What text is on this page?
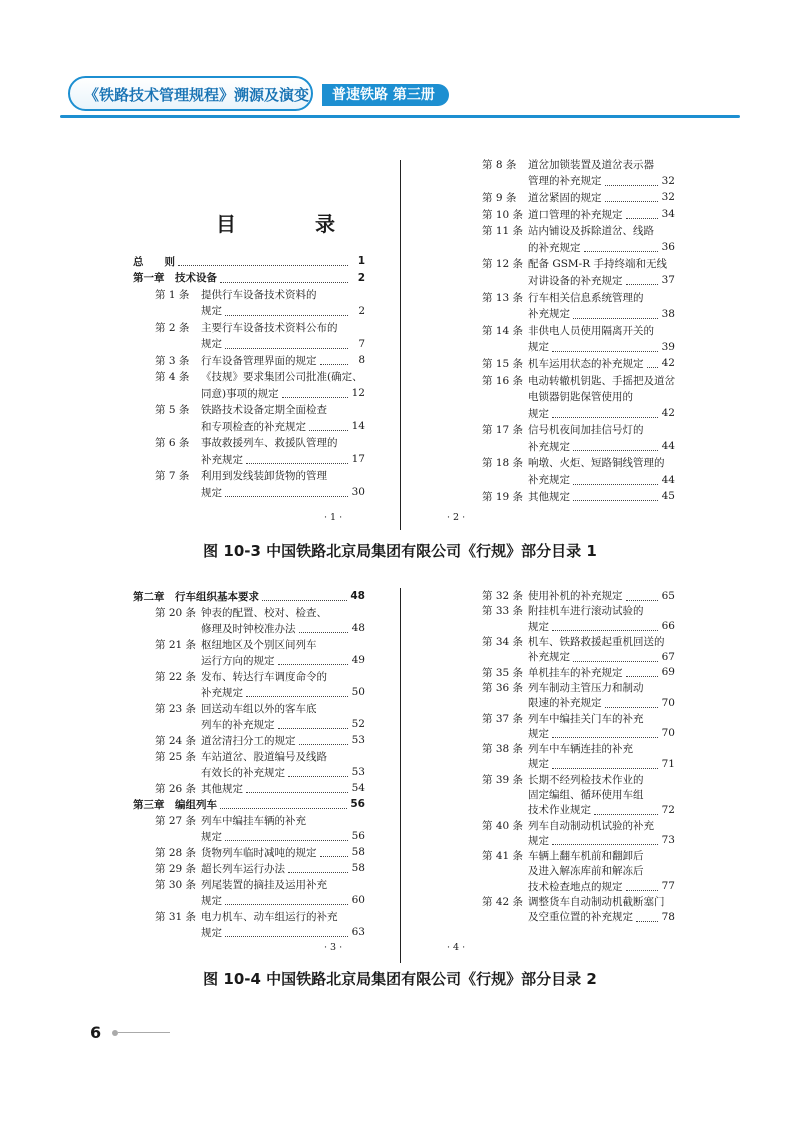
《铁路技术管理规程》溯源及演变	普速铁路 第三册
目 录
总　　则	1
第一章　技术设备	2
第 1 条	提供行车设备技术资料的
规定	2
第 2 条	主要行车设备技术资料公布的
规定	7
第 3 条	行车设备管理界面的规定	8
第 4 条	《技规》要求集团公司批准(确定、
同意)事项的规定	12
第 5 条	铁路技术设备定期全面检查
和专项检查的补充规定	14
第 6 条	事故救援列车、救援队管理的
补充规定	17
第 7 条	利用到发线装卸货物的管理
规定	30
第 8 条	道岔加锁装置及道岔表示器
管理的补充规定	32
第 9 条	道岔紧固的规定	32
第 10 条 道口管理的补充规定	34
第 11 条 站内铺设及拆除道岔、线路
的补充规定	36
第 12 条 配备 GSM-R 手持终端和无线
对讲设备的补充规定	37
第 13 条 行车相关信息系统管理的
补充规定	38
第 14 条 非供电人员使用隔离开关的
规定	39
第 15 条 机车运用状态的补充规定 42
第 16 条 电动转辙机钥匙、手摇把及道岔
电锁器钥匙保管使用的
规定	42
第 17 条 信号机夜间加挂信号灯的
补充规定	44
第 18 条 响墩、火炬、短路铜线管理的
补充规定	44
第 19 条 其他规定	45
· 1 ·	· 2 ·
图 10-3 中国铁路北京局集团有限公司《行规》部分目录 1
第二章　行车组织基本要求	48
第 20 条 钟表的配置、校对、检查、
修理及时钟校准办法	48
第 21 条 枢纽地区及个别区间列车
运行方向的规定	49
第 22 条 发布、转达行车调度命令的
补充规定	50
第 23 条 回送动车组以外的客车底
列车的补充规定	52
第 24 条 道岔清扫分工的规定	53
第 25 条 车站道岔、股道编号及线路
有效长的补充规定	53
第 26 条 其他规定	54
第三章　编组列车	56
第 27 条 列车中编挂车辆的补充
规定	56
第 28 条 货物列车临时减吨的规定	58
第 29 条 超长列车运行办法	58
第 30 条 列尾装置的摘挂及运用补充
规定	60
第 31 条 电力机车、动车组运行的补充
规定	63
第 32 条 使用补机的补充规定	65
第 33 条 附挂机车进行滚动试验的
规定	66
第 34 条 机车、铁路救援起重机回送的
补充规定	67
第 35 条 单机挂车的补充规定	69
第 36 条 列车制动主管压力和制动
限速的补充规定	70
第 37 条 列车中编挂关门车的补充
规定	70
第 38 条 列车中车辆连挂的补充
规定	71
第 39 条 长期不经列检技术作业的
固定编组、循环使用车组
技术作业规定	72
第 40 条 列车自动制动机试验的补充
规定	73
第 41 条 车辆上翻车机前和翻卸后
及进入解冻库前和解冻后
技术检查地点的规定	77
第 42 条 调整货车自动制动机截断塞门
及空重位置的补充规定	78
· 3 ·	· 4 ·
图 10-4 中国铁路北京局集团有限公司《行规》部分目录 2
6
